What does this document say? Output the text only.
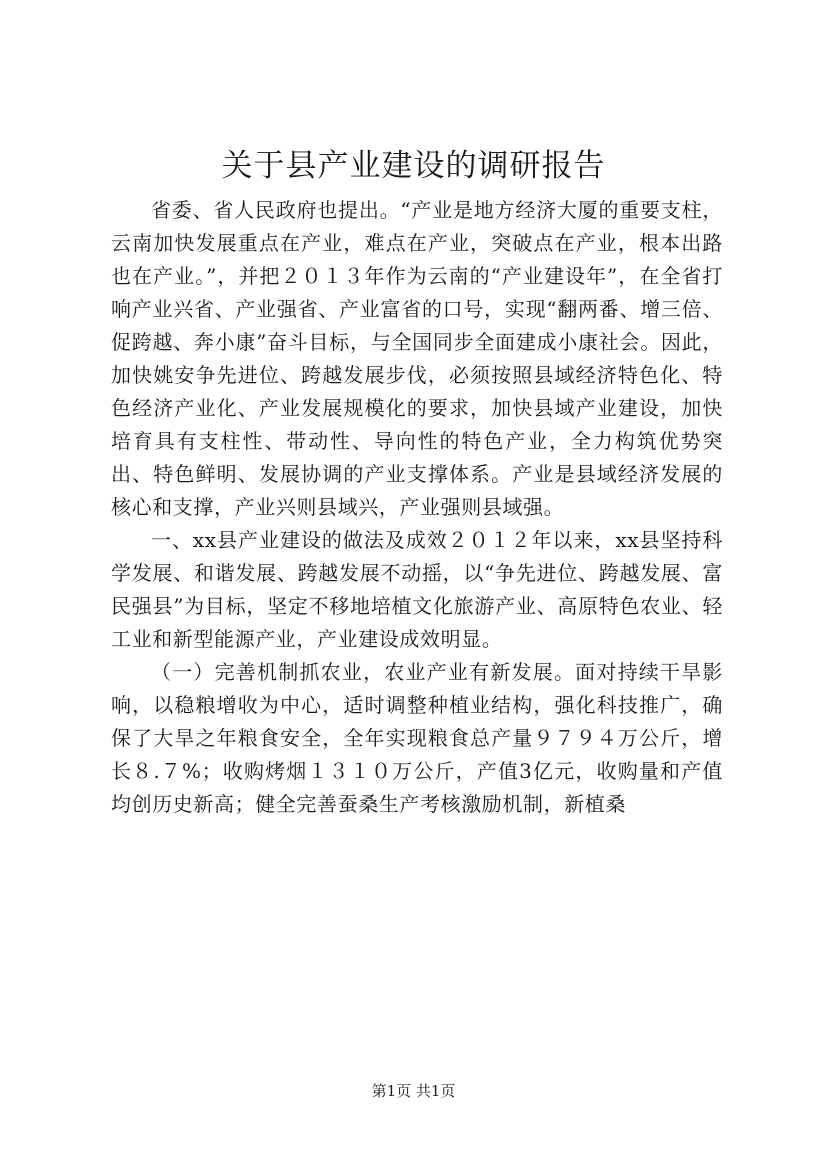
关于县产业建设的调研报告

省委、省人民政府也提出。“产业是地方经济大厦的重要支柱，云南加快发展重点在产业，难点在产业，突破点在产业，根本出路也在产业。”，并把２０１３年作为云南的“产业建设年”，在全省打响产业兴省、产业强省、产业富省的口号，实现“翻两番、增三倍、促跨越、奔小康”奋斗目标，与全国同步全面建成小康社会。因此，加快姚安争先进位、跨越发展步伐，必须按照县域经济特色化、特色经济产业化、产业发展规模化的要求，加快县域产业建设，加快培育具有支柱性、带动性、导向性的特色产业，全力构筑优势突出、特色鲜明、发展协调的产业支撑体系。产业是县域经济发展的核心和支撑，产业兴则县域兴，产业强则县域强。

一、xx县产业建设的做法及成效２０１２年以来，xx县坚持科学发展、和谐发展、跨越发展不动摇，以“争先进位、跨越发展、富民强县”为目标，坚定不移地培植文化旅游产业、高原特色农业、轻工业和新型能源产业，产业建设成效明显。

（一）完善机制抓农业，农业产业有新发展。面对持续干旱影响，以稳粮增收为中心，适时调整种植业结构，强化科技推广，确保了大旱之年粮食安全，全年实现粮食总产量９７９４万公斤，增长８.７%；收购烤烟１３１０万公斤，产值3亿元，收购量和产值均创历史新高；健全完善蚕桑生产考核激励机制，新植桑

第1页 共1页
